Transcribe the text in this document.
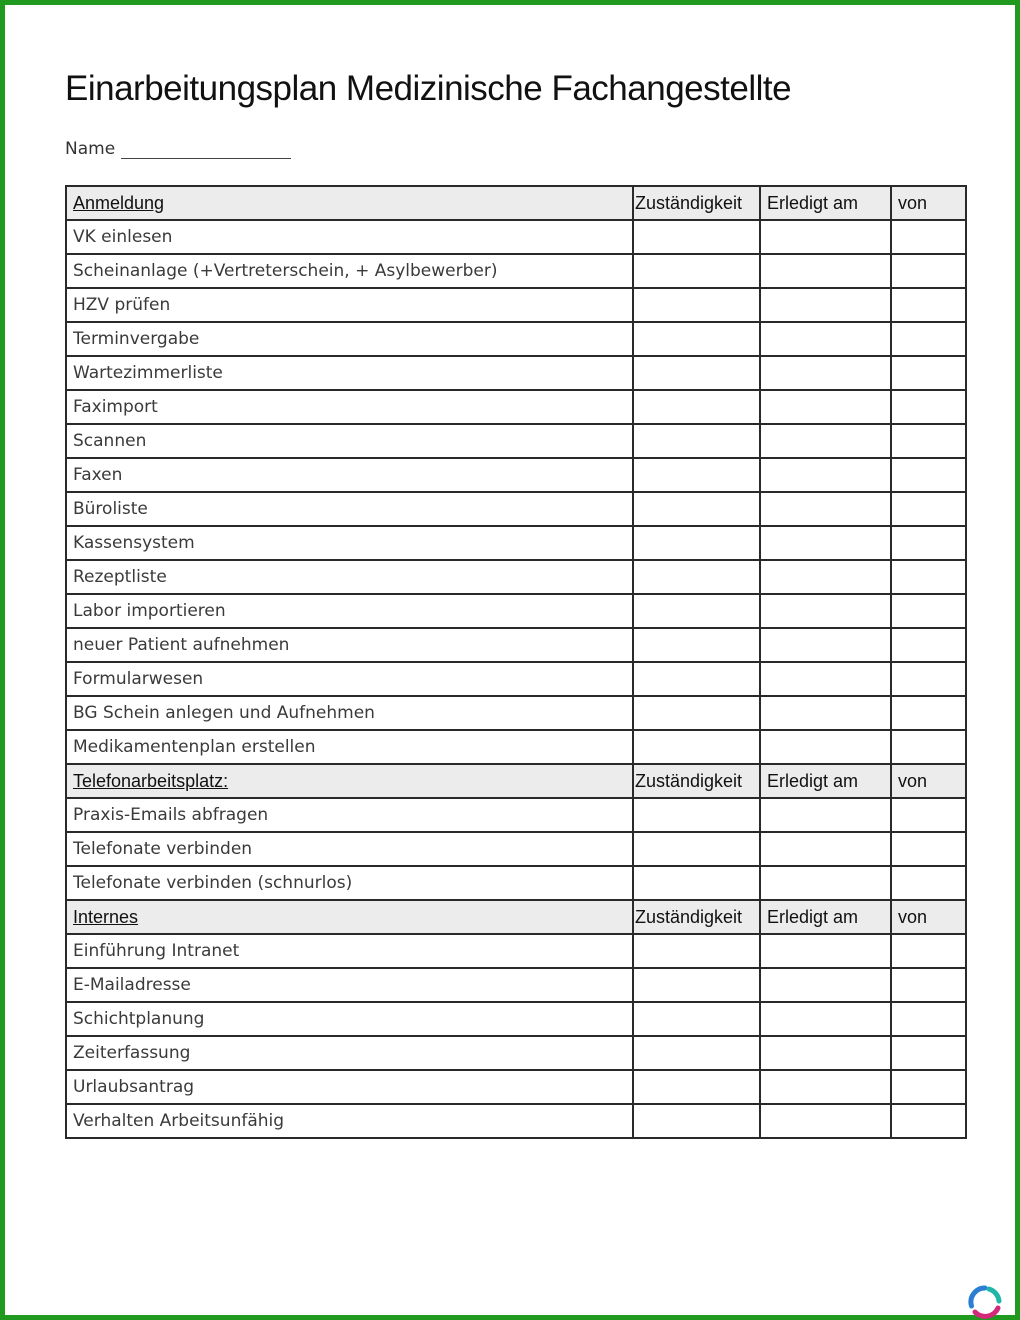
Einarbeitungsplan Medizinische Fachangestellte
Name
Anmeldung	Zuständigkeit	Erledigt am	von
VK einlesen			
Scheinanlage (+Vertreterschein, + Asylbewerber)			
HZV prüfen			
Terminvergabe			
Wartezimmerliste			
Faximport			
Scannen			
Faxen			
Büroliste			
Kassensystem			
Rezeptliste			
Labor importieren			
neuer Patient aufnehmen			
Formularwesen			
BG Schein anlegen und Aufnehmen			
Medikamentenplan erstellen			
Telefonarbeitsplatz:	Zuständigkeit	Erledigt am	von
Praxis-Emails abfragen			
Telefonate verbinden			
Telefonate verbinden (schnurlos)			
Internes	Zuständigkeit	Erledigt am	von
Einführung Intranet			
E-Mailadresse			
Schichtplanung			
Zeiterfassung			
Urlaubsantrag			
Verhalten Arbeitsunfähig			
